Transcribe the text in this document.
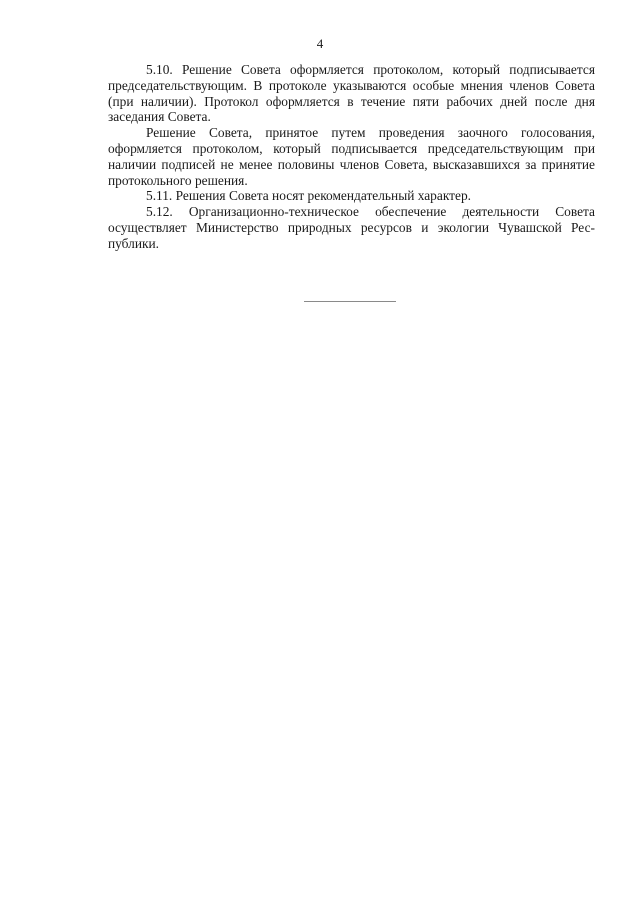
4

5.10. Решение Совета оформляется протоколом, который подписывается председательствующим. В протоколе указываются особые мнения членов Совета (при наличии). Протокол оформляется в течение пяти рабочих дней после дня заседания Совета.

Решение Совета, принятое путем проведения заочного голосования, оформляется протоколом, который подписывается председательствующим при наличии подписей не менее половины членов Совета, высказавшихся за принятие протокольного решения.

5.11. Решения Совета носят рекомендательный характер.

5.12. Организационно-техническое обеспечение деятельности Совета осуществляет Министерство природных ресурсов и экологии Чувашской Республики.
